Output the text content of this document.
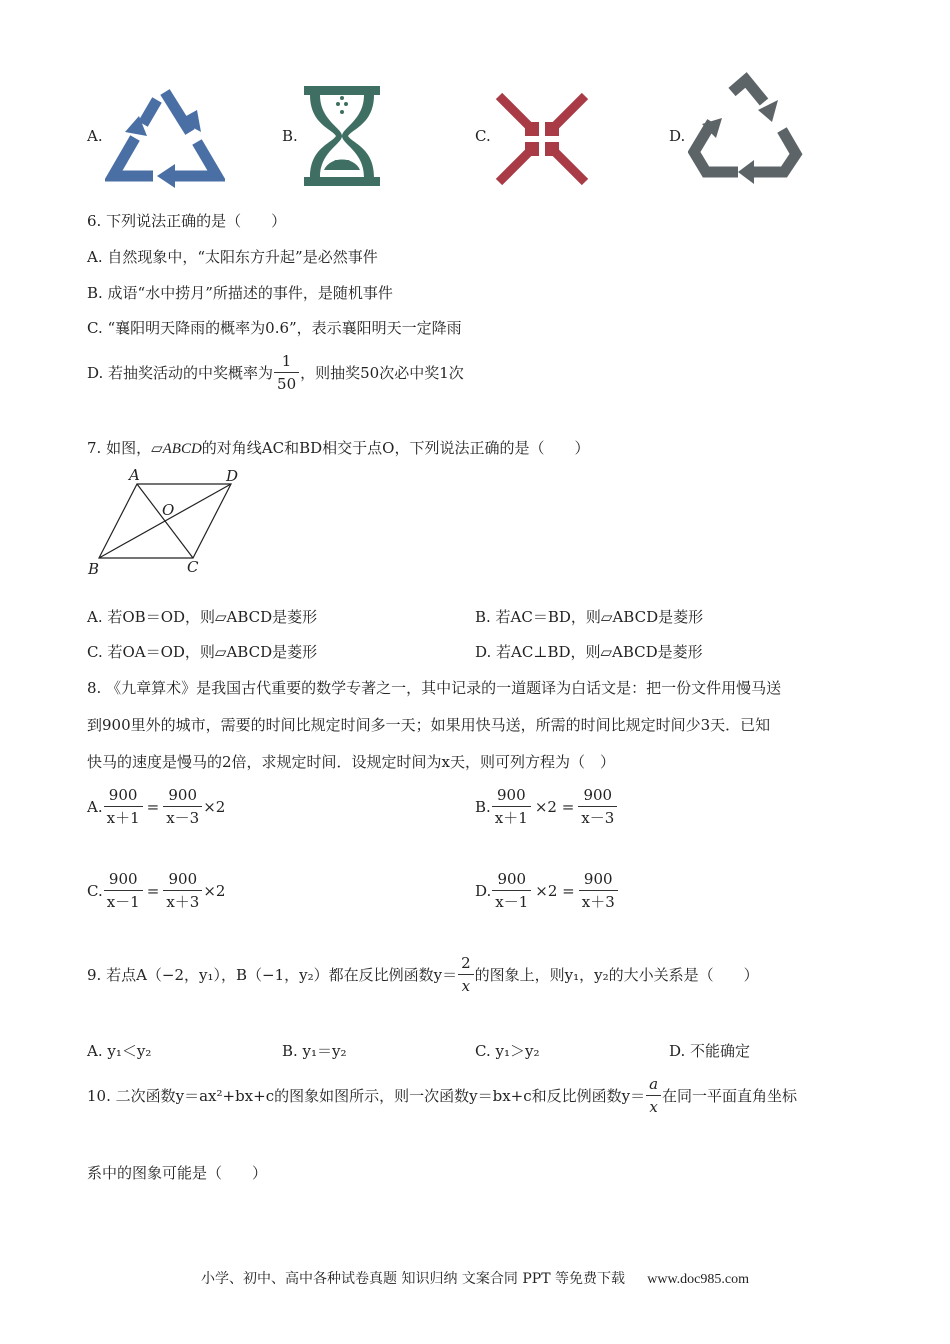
A.	B.	C.	D.
6. 下列说法正确的是（　　）
A. 自然现象中，“太阳东方升起”是必然事件
B. 成语“水中捞月”所描述的事件，是随机事件
C. “襄阳明天降雨的概率为0.6”，表示襄阳明天一定降雨
D. 若抽奖活动的中奖概率为 $\frac{1}{50}$ ，则抽奖50次必中奖1次
7. 如图，▱ABCD的对角线AC和BD相交于点O，下列说法正确的是（　　）
A	D
O
B	C
A. 若OB＝OD，则▱ABCD是菱形	B. 若AC＝BD，则▱ABCD是菱形
C. 若OA＝OD，则▱ABCD是菱形	D. 若AC⊥BD，则▱ABCD是菱形
8. 《九章算术》是我国古代重要的数学专著之一，其中记录的一道题译为白话文是：把一份文件用慢马送
到900里外的城市，需要的时间比规定时间多一天；如果用快马送，所需的时间比规定时间少3天．已知
快马的速度是慢马的2倍，求规定时间．设规定时间为x天，则可列方程为（　）
A. $\frac{900}{x+1} = \frac{900}{x-3} \times 2$	B. $\frac{900}{x+1} \times 2 = \frac{900}{x-3}$
C. $\frac{900}{x-1} = \frac{900}{x+3} \times 2$	D. $\frac{900}{x-1} \times 2 = \frac{900}{x+3}$
9. 若点A（−2，y₁），B（−1，y₂）都在反比例函数$y= \frac{2}{x}$ 的图象上，则y₁，y₂的大小关系是（　　）
A. y₁＜y₂	B. y₁＝y₂	C. y₁＞y₂	D. 不能确定
10. 二次函数y＝ax²+bx+c的图象如图所示，则一次函数y＝bx+c和反比例函数$y= \frac{a}{x}$ 在同一平面直角坐标
系中的图象可能是（　　）
小学、初中、高中各种试卷真题 知识归纳 文案合同 PPT 等免费下载 www.doc985.com
